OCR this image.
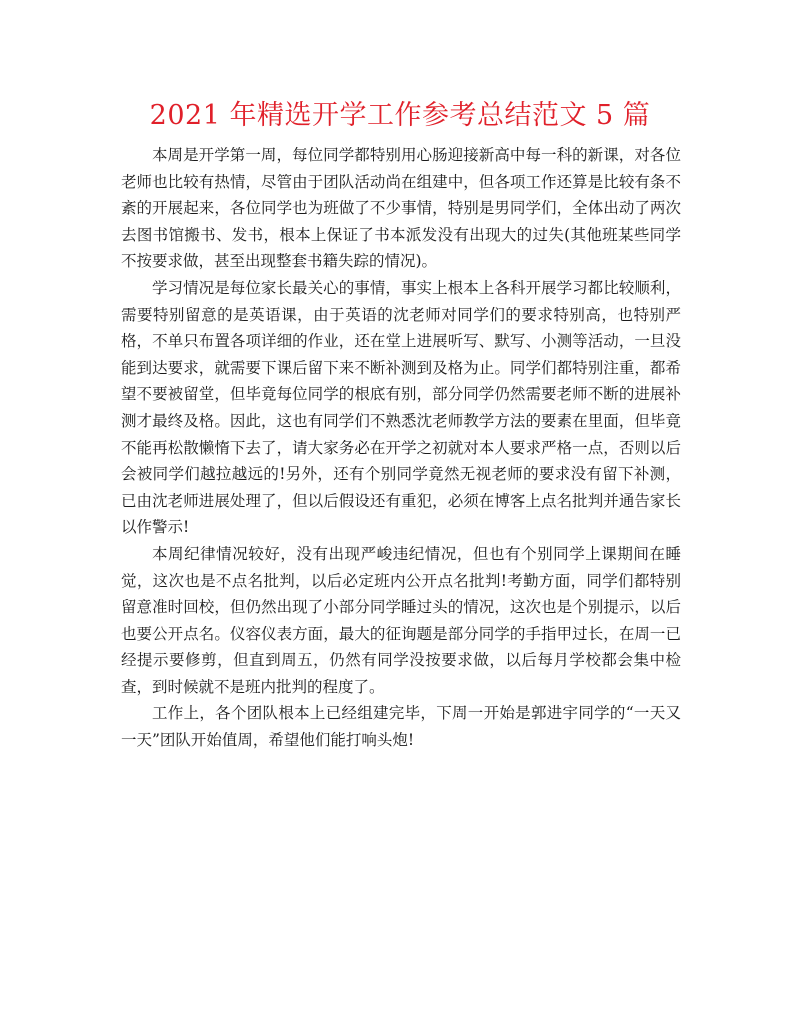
2021 年精选开学工作参考总结范文 5 篇

本周是开学第一周，每位同学都特别用心肠迎接新高中每一科的新课，对各位老师也比较有热情，尽管由于团队活动尚在组建中，但各项工作还算是比较有条不紊的开展起来，各位同学也为班做了不少事情，特别是男同学们，全体出动了两次去图书馆搬书、发书，根本上保证了书本派发没有出现大的过失(其他班某些同学不按要求做，甚至出现整套书籍失踪的情况)。

学习情况是每位家长最关心的事情，事实上根本上各科开展学习都比较顺利，需要特别留意的是英语课，由于英语的沈老师对同学们的要求特别高，也特别严格，不单只布置各项详细的作业，还在堂上进展听写、默写、小测等活动，一旦没能到达要求，就需要下课后留下来不断补测到及格为止。同学们都特别注重，都希望不要被留堂，但毕竟每位同学的根底有别，部分同学仍然需要老师不断的进展补测才最终及格。因此，这也有同学们不熟悉沈老师教学方法的要素在里面，但毕竟不能再松散懒惰下去了，请大家务必在开学之初就对本人要求严格一点，否则以后会被同学们越拉越远的!另外，还有个别同学竟然无视老师的要求没有留下补测，已由沈老师进展处理了，但以后假设还有重犯，必须在博客上点名批判并通告家长以作警示!

本周纪律情况较好，没有出现严峻违纪情况，但也有个别同学上课期间在睡觉，这次也是不点名批判，以后必定班内公开点名批判!考勤方面，同学们都特别留意准时回校，但仍然出现了小部分同学睡过头的情况，这次也是个别提示，以后也要公开点名。仪容仪表方面，最大的征询题是部分同学的手指甲过长，在周一已经提示要修剪，但直到周五，仍然有同学没按要求做，以后每月学校都会集中检查，到时候就不是班内批判的程度了。

工作上，各个团队根本上已经组建完毕，下周一开始是郭进宇同学的“一天又一天”团队开始值周，希望他们能打响头炮!
